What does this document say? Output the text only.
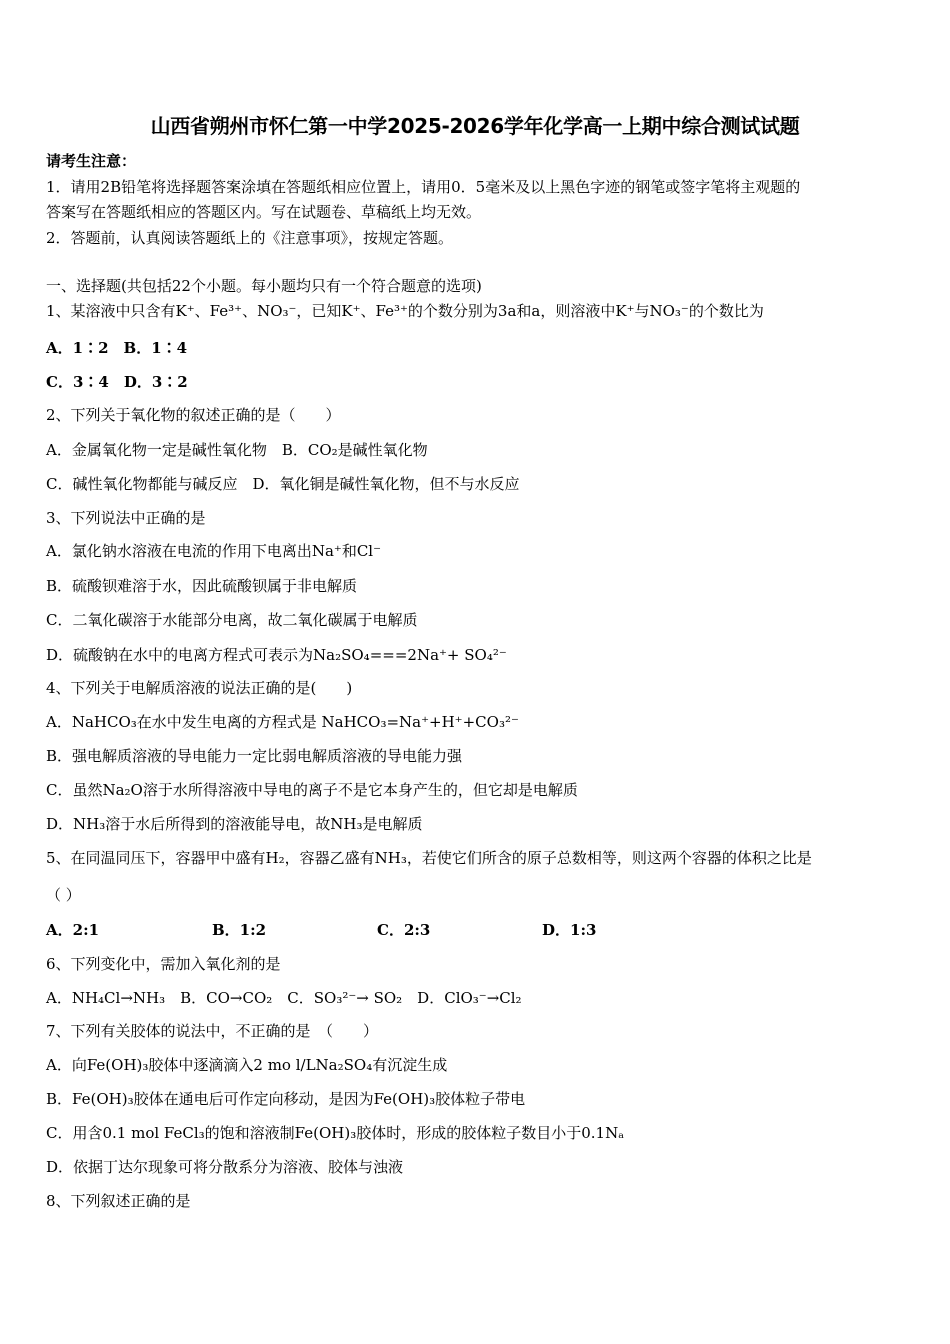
山西省朔州市怀仁第一中学2025-2026学年化学高一上期中综合测试试题
请考生注意：
1．请用2B铅笔将选择题答案涂填在答题纸相应位置上，请用0．5毫米及以上黑色字迹的钢笔或签字笔将主观题的
答案写在答题纸相应的答题区内。写在试题卷、草稿纸上均无效。
2．答题前，认真阅读答题纸上的《注意事项》，按规定答题。
一、选择题(共包括22个小题。每小题均只有一个符合题意的选项)
1、某溶液中只含有K⁺、Fe³⁺、NO₃⁻，已知K⁺、Fe³⁺的个数分别为3a和a，则溶液中K⁺与NO₃⁻的个数比为
A．1∶2　B．1∶4
C．3∶4　D．3∶2
2、下列关于氧化物的叙述正确的是（　　）
A．金属氧化物一定是碱性氧化物　B．CO₂是碱性氧化物
C．碱性氧化物都能与碱反应　D．氧化铜是碱性氧化物，但不与水反应
3、下列说法中正确的是
A．氯化钠水溶液在电流的作用下电离出Na⁺和Cl⁻
B．硫酸钡难溶于水，因此硫酸钡属于非电解质
C．二氧化碳溶于水能部分电离，故二氧化碳属于电解质
D．硫酸钠在水中的电离方程式可表示为Na₂SO₄===2Na⁺+ SO₄²⁻
4、下列关于电解质溶液的说法正确的是(　　)
A．NaHCO₃在水中发生电离的方程式是 NaHCO₃=Na⁺+H⁺+CO₃²⁻
B．强电解质溶液的导电能力一定比弱电解质溶液的导电能力强
C．虽然Na₂O溶于水所得溶液中导电的离子不是它本身产生的，但它却是电解质
D．NH₃溶于水后所得到的溶液能导电，故NH₃是电解质
5、在同温同压下，容器甲中盛有H₂，容器乙盛有NH₃，若使它们所含的原子总数相等，则这两个容器的体积之比是
（ ）
A．2:1	B．1:2	C．2:3	D．1:3
6、下列变化中，需加入氧化剂的是
A．NH₄Cl→NH₃　B．CO→CO₂　C．SO₃²⁻→ SO₂　D．ClO₃⁻→Cl₂
7、下列有关胶体的说法中，不正确的是　（　　）
A．向Fe(OH)₃胶体中逐滴滴入2 mo l/LNa₂SO₄有沉淀生成
B．Fe(OH)₃胶体在通电后可作定向移动，是因为Fe(OH)₃胶体粒子带电
C．用含0.1 mol FeCl₃的饱和溶液制Fe(OH)₃胶体时，形成的胶体粒子数目小于0.1Nₐ
D．依据丁达尔现象可将分散系分为溶液、胶体与浊液
8、下列叙述正确的是
